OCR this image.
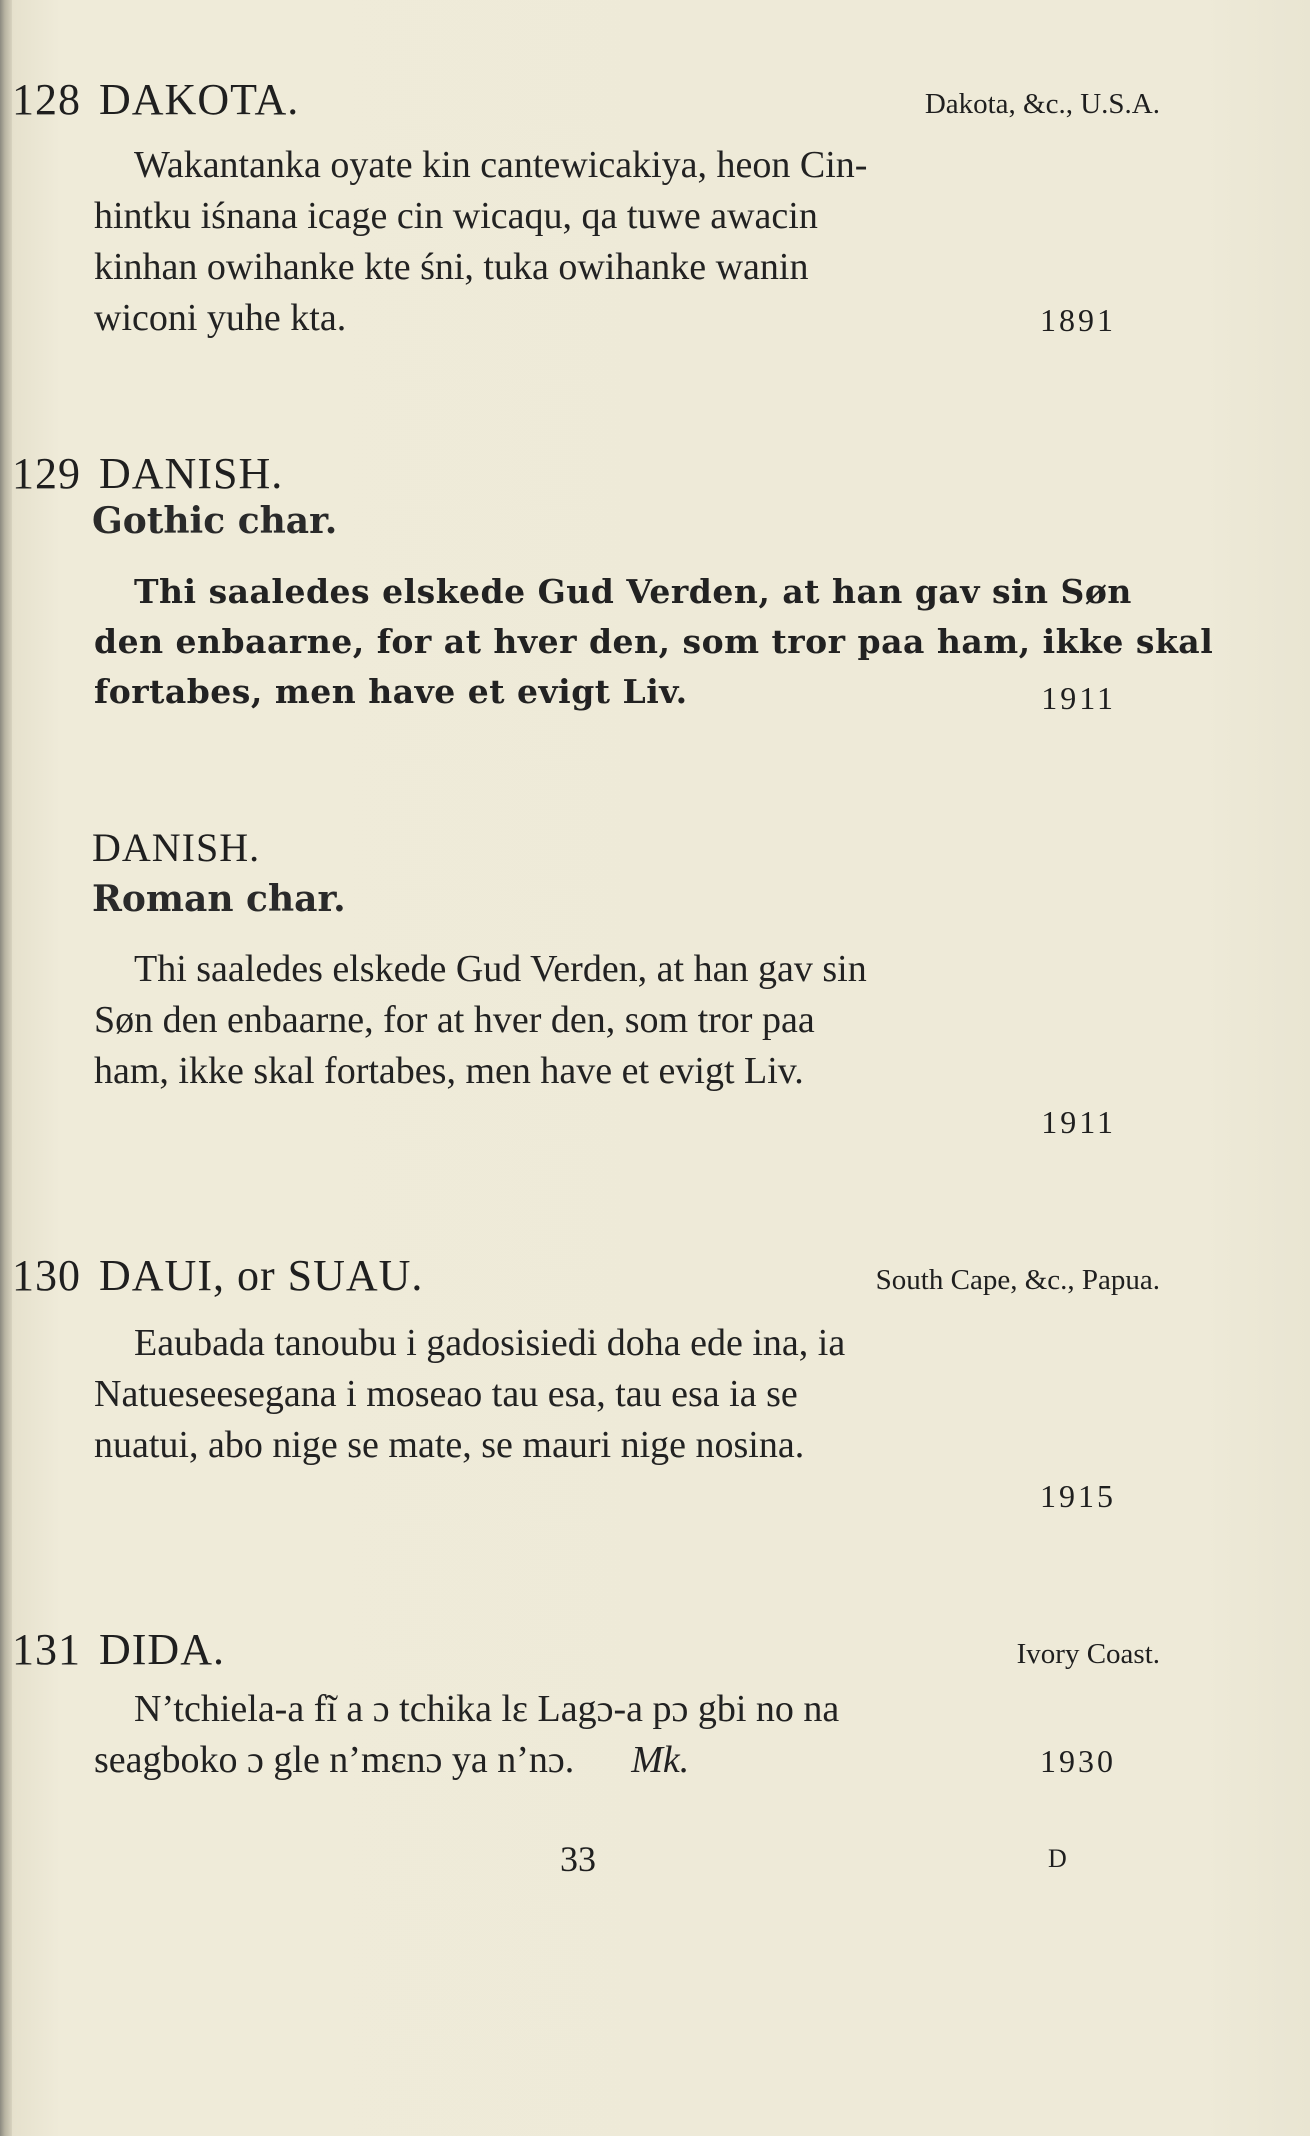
128 DAKOTA.	Dakota, &c., U.S.A.
Wakantanka oyate kin cantewicakiya, heon Cin-
hintku iśnana icage cin wicaqu, qa tuwe awacin
kinhan owihanke kte śni, tuka owihanke wanin
wiconi yuhe kta.	1891
129 DANISH.
Gothic char.
Thi saaledes elskede Gud Verden, at han gav sin Søn
den enbaarne, for at hver den, som tror paa ham, ikke skal
fortabes, men have et evigt Liv.	1911
DANISH.
Roman char.
Thi saaledes elskede Gud Verden, at han gav sin
Søn den enbaarne, for at hver den, som tror paa
ham, ikke skal fortabes, men have et evigt Liv.
1911
130 DAUI, or SUAU.	South Cape, &c., Papua.
Eaubada tanoubu i gadosisiedi doha ede ina, ia
Natueseesegana i moseao tau esa, tau esa ia se
nuatui, abo nige se mate, se mauri nige nosina.
1915
131 DIDA.	Ivory Coast.
N’tchiela-a fĩ a ɔ tchika lɛ Lagɔ-a pɔ gbi no na
seagboko ɔ gle n’mɛnɔ ya n’nɔ. Mk.	1930
33	D
